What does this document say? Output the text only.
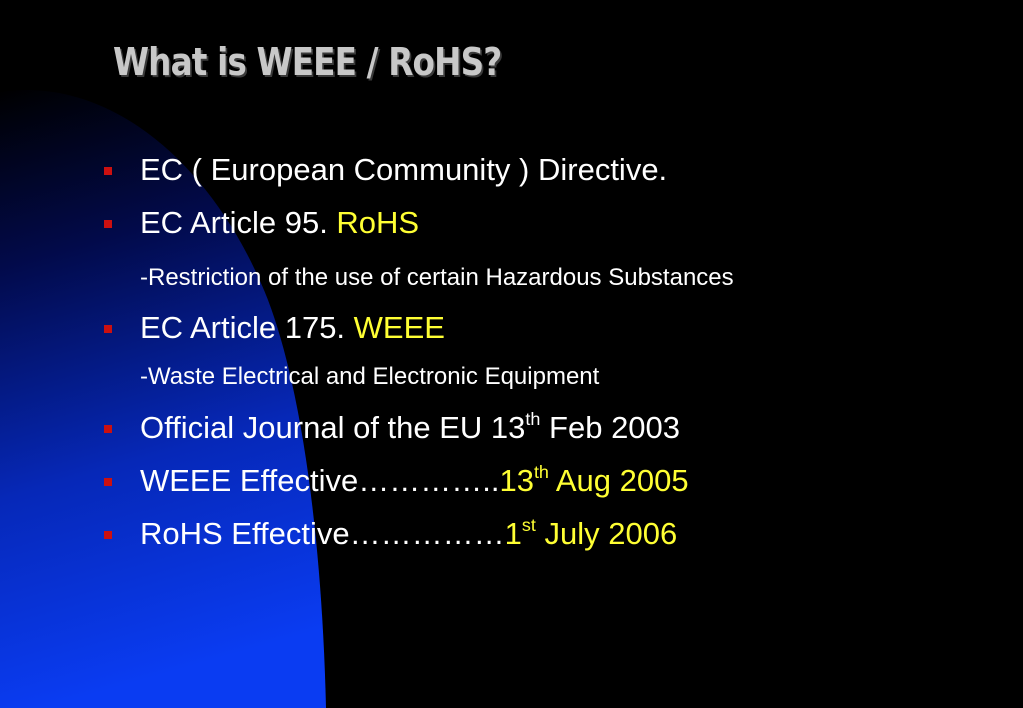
What is WEEE / RoHS?
EC ( European Community ) Directive.
EC Article 95. RoHS
-Restriction of the use of certain Hazardous Substances
EC Article 175. WEEE
-Waste Electrical and Electronic Equipment
Official Journal of the EU 13th Feb 2003
WEEE Effective…………..13th Aug 2005
RoHS Effective……………1st July 2006
